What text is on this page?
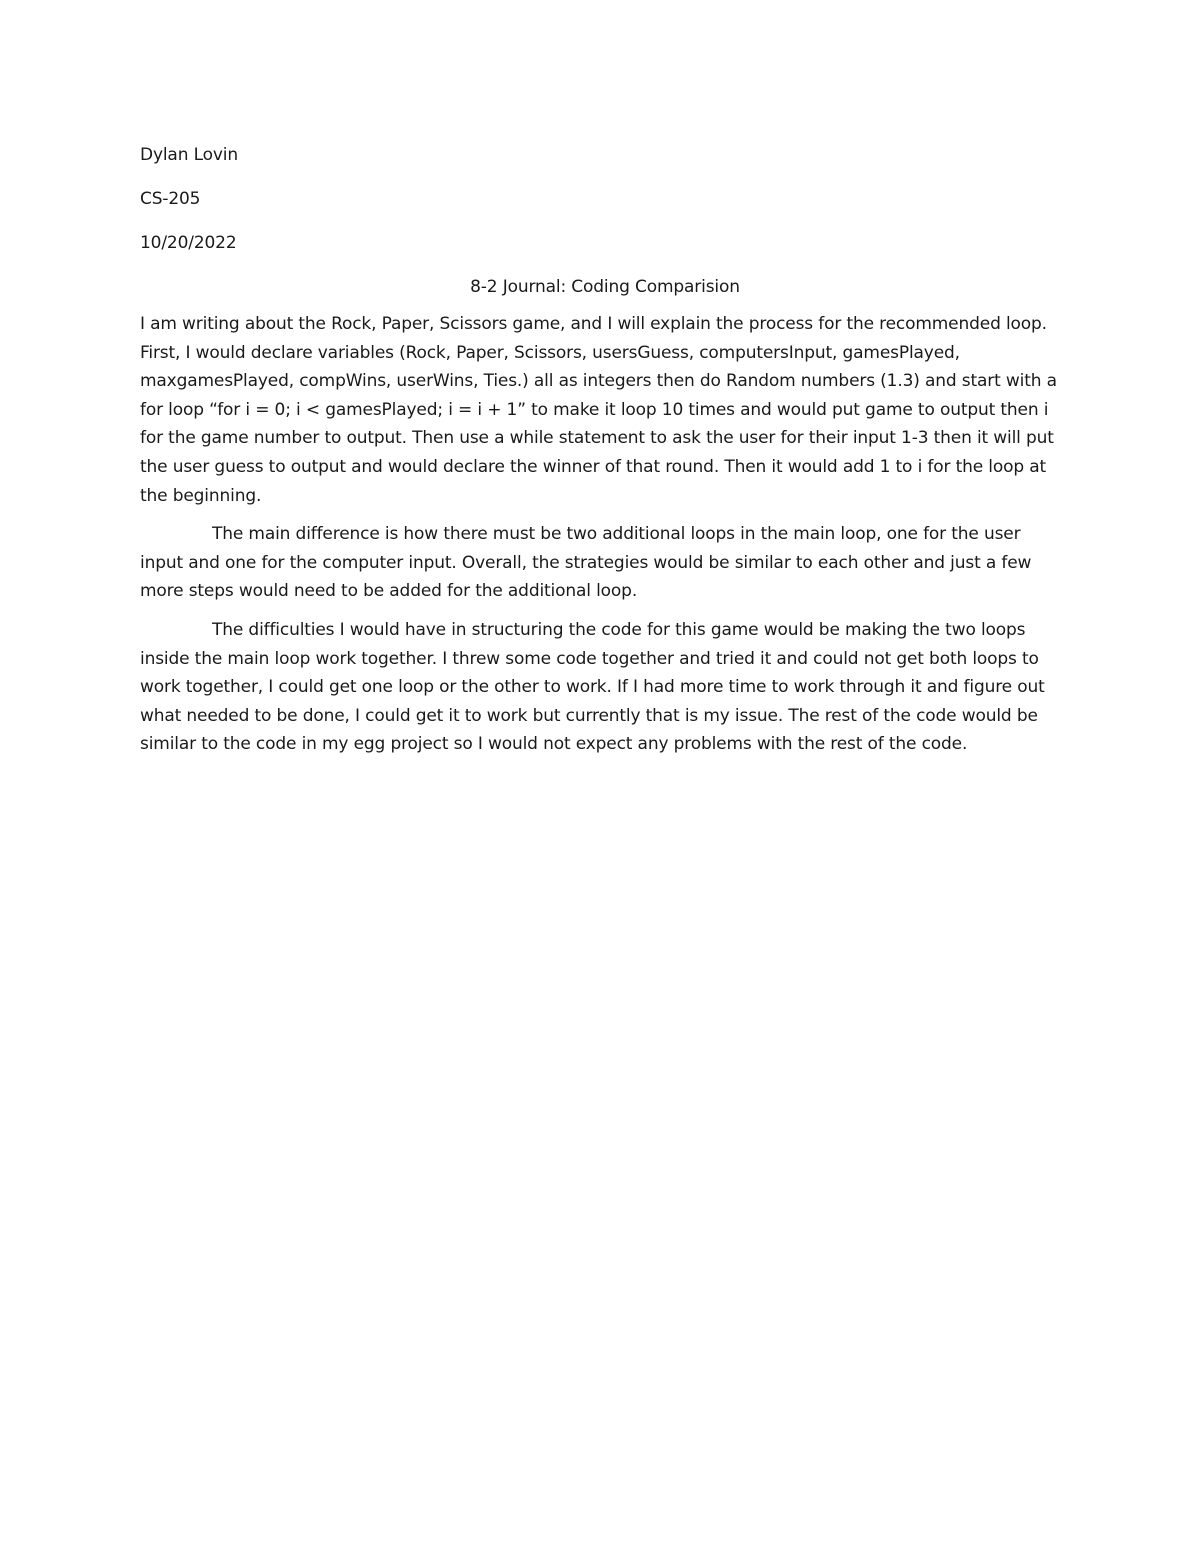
Dylan Lovin
CS-205
10/20/2022
8-2 Journal: Coding Comparision

I am writing about the Rock, Paper, Scissors game, and I will explain the process for the recommended loop. First, I would declare variables (Rock, Paper, Scissors, usersGuess, computersInput, gamesPlayed, maxgamesPlayed, compWins, userWins, Ties.) all as integers then do Random numbers (1.3) and start with a for loop “for i = 0; i < gamesPlayed; i = i + 1” to make it loop 10 times and would put game to output then i for the game number to output. Then use a while statement to ask the user for their input 1-3 then it will put the user guess to output and would declare the winner of that round. Then it would add 1 to i for the loop at the beginning.

The main difference is how there must be two additional loops in the main loop, one for the user input and one for the computer input. Overall, the strategies would be similar to each other and just a few more steps would need to be added for the additional loop.

The difficulties I would have in structuring the code for this game would be making the two loops inside the main loop work together. I threw some code together and tried it and could not get both loops to work together, I could get one loop or the other to work. If I had more time to work through it and figure out what needed to be done, I could get it to work but currently that is my issue. The rest of the code would be similar to the code in my egg project so I would not expect any problems with the rest of the code.
